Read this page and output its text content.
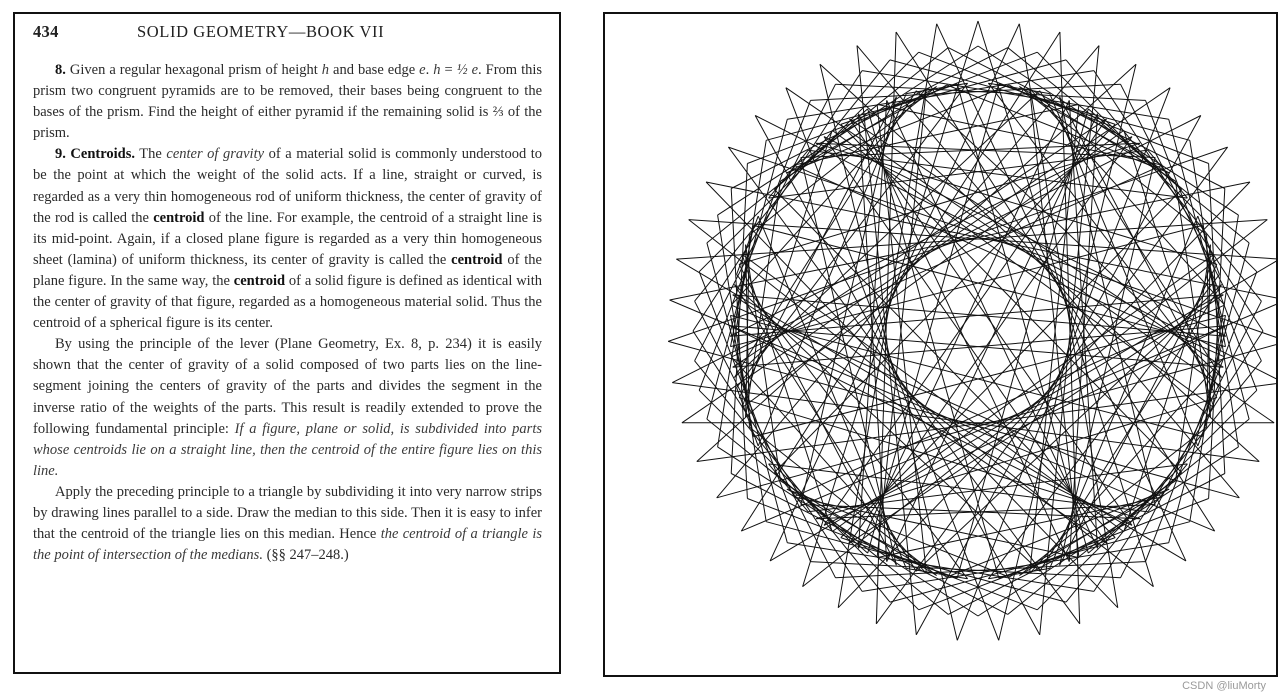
434	SOLID GEOMETRY—BOOK VII

8. Given a regular hexagonal prism of height h and base edge e. h = ½ e. From this prism two congruent pyramids are to be removed, their bases being congruent to the bases of the prism. Find the height of either pyramid if the remaining solid is ⅔ of the prism.

9. Centroids. The center of gravity of a material solid is commonly understood to be the point at which the weight of the solid acts. If a line, straight or curved, is regarded as a very thin homogeneous rod of uniform thickness, the center of gravity of the rod is called the centroid of the line. For example, the centroid of a straight line is its mid-point. Again, if a closed plane figure is regarded as a very thin homogeneous sheet (lamina) of uniform thickness, its center of gravity is called the centroid of the plane figure. In the same way, the centroid of a solid figure is defined as identical with the center of gravity of that figure, regarded as a homogeneous material solid. Thus the centroid of a spherical figure is its center.

By using the principle of the lever (Plane Geometry, Ex. 8, p. 234) it is easily shown that the center of gravity of a solid composed of two parts lies on the line-segment joining the centers of gravity of the parts and divides the segment in the inverse ratio of the weights of the parts. This result is readily extended to prove the following fundamental principle: If a figure, plane or solid, is subdivided into parts whose centroids lie on a straight line, then the centroid of the entire figure lies on this line.

Apply the preceding principle to a triangle by subdividing it into very narrow strips by drawing lines parallel to a side. Draw the median to this side. Then it is easy to infer that the centroid of the triangle lies on this median. Hence the centroid of a triangle is the point of intersection of the medians. (§§ 247–248.)

CSDN @liuMorty
